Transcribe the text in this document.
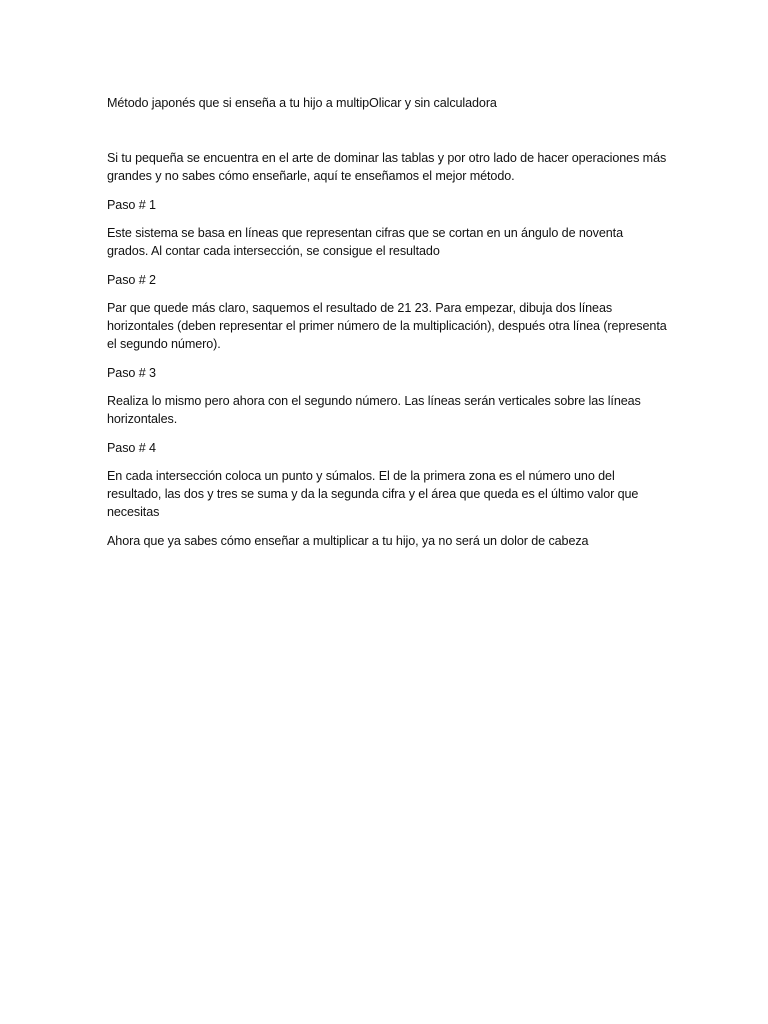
Método japonés que si enseña a tu hijo a multipOlicar y sin calculadora

Si tu pequeña se encuentra en el arte de dominar las tablas y por otro lado de hacer operaciones más grandes y no sabes cómo enseñarle, aquí te enseñamos el mejor método.

Paso # 1

Este sistema se basa en líneas que representan cifras que se cortan en un ángulo de noventa grados. Al contar cada intersección, se consigue el resultado

Paso # 2

Par que quede más claro, saquemos el resultado de 21 23. Para empezar, dibuja dos líneas horizontales (deben representar el primer número de la multiplicación), después otra línea (representa el segundo número).

Paso # 3

Realiza lo mismo pero ahora con el segundo número. Las líneas serán verticales sobre las líneas horizontales.

Paso # 4

En cada intersección coloca un punto y súmalos. El de la primera zona es el número uno del resultado, las dos y tres se suma y da la segunda cifra y el área que queda es el último valor que necesitas

Ahora que ya sabes cómo enseñar a multiplicar a tu hijo, ya no será un dolor de cabeza
